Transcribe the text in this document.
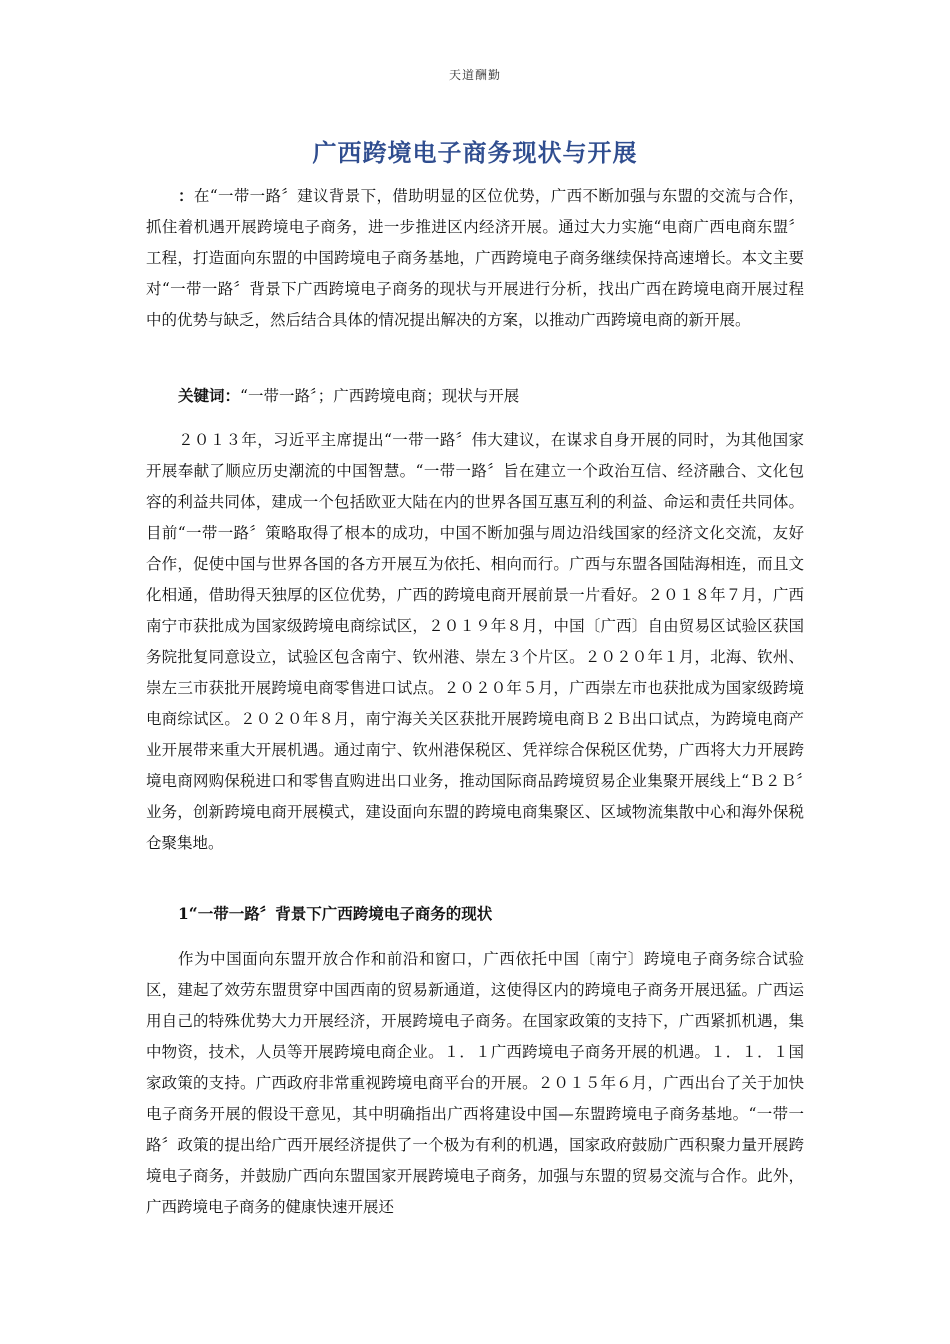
天道酬勤
广西跨境电子商务现状与开展

：在“一带一路〞建议背景下，借助明显的区位优势，广西不断加强与东盟的交流与合作，抓住着机遇开展跨境电子商务，进一步推进区内经济开展。通过大力实施“电商广西电商东盟〞工程，打造面向东盟的中国跨境电子商务基地，广西跨境电子商务继续保持高速增长。本文主要对“一带一路〞背景下广西跨境电子商务的现状与开展进行分析，找出广西在跨境电商开展过程中的优势与缺乏，然后结合具体的情况提出解决的方案，以推动广西跨境电商的新开展。

关键词：“一带一路〞；广西跨境电商；现状与开展

２０１３年，习近平主席提出“一带一路〞伟大建议，在谋求自身开展的同时，为其他国家开展奉献了顺应历史潮流的中国智慧。“一带一路〞旨在建立一个政治互信、经济融合、文化包容的利益共同体，建成一个包括欧亚大陆在内的世界各国互惠互利的利益、命运和责任共同体。目前“一带一路〞策略取得了根本的成功，中国不断加强与周边沿线国家的经济文化交流，友好合作，促使中国与世界各国的各方开展互为依托、相向而行。广西与东盟各国陆海相连，而且文化相通，借助得天独厚的区位优势，广西的跨境电商开展前景一片看好。２０１８年７月，广西南宁市获批成为国家级跨境电商综试区，２０１９年８月，中国〔广西〕自由贸易区试验区获国务院批复同意设立，试验区包含南宁、钦州港、崇左３个片区。２０２０年１月，北海、钦州、崇左三市获批开展跨境电商零售进口试点。２０２０年５月，广西崇左市也获批成为国家级跨境电商综试区。２０２０年８月，南宁海关关区获批开展跨境电商Ｂ２Ｂ出口试点，为跨境电商产业开展带来重大开展机遇。通过南宁、钦州港保税区、凭祥综合保税区优势，广西将大力开展跨境电商网购保税进口和零售直购进出口业务，推动国际商品跨境贸易企业集聚开展线上“Ｂ２Ｂ〞业务，创新跨境电商开展模式，建设面向东盟的跨境电商集聚区、区域物流集散中心和海外保税仓聚集地。

1“一带一路〞背景下广西跨境电子商务的现状

作为中国面向东盟开放合作和前沿和窗口，广西依托中国〔南宁〕跨境电子商务综合试验区，建起了效劳东盟贯穿中国西南的贸易新通道，这使得区内的跨境电子商务开展迅猛。广西运用自己的特殊优势大力开展经济，开展跨境电子商务。在国家政策的支持下，广西紧抓机遇，集中物资，技术，人员等开展跨境电商企业。１．１广西跨境电子商务开展的机遇。１．１．１国家政策的支持。广西政府非常重视跨境电商平台的开展。２０１５年６月，广西出台了关于加快电子商务开展的假设干意见，其中明确指出广西将建设中国—东盟跨境电子商务基地。“一带一路〞政策的提出给广西开展经济提供了一个极为有利的机遇，国家政府鼓励广西积聚力量开展跨境电子商务，并鼓励广西向东盟国家开展跨境电子商务，加强与东盟的贸易交流与合作。此外，广西跨境电子商务的健康快速开展还
